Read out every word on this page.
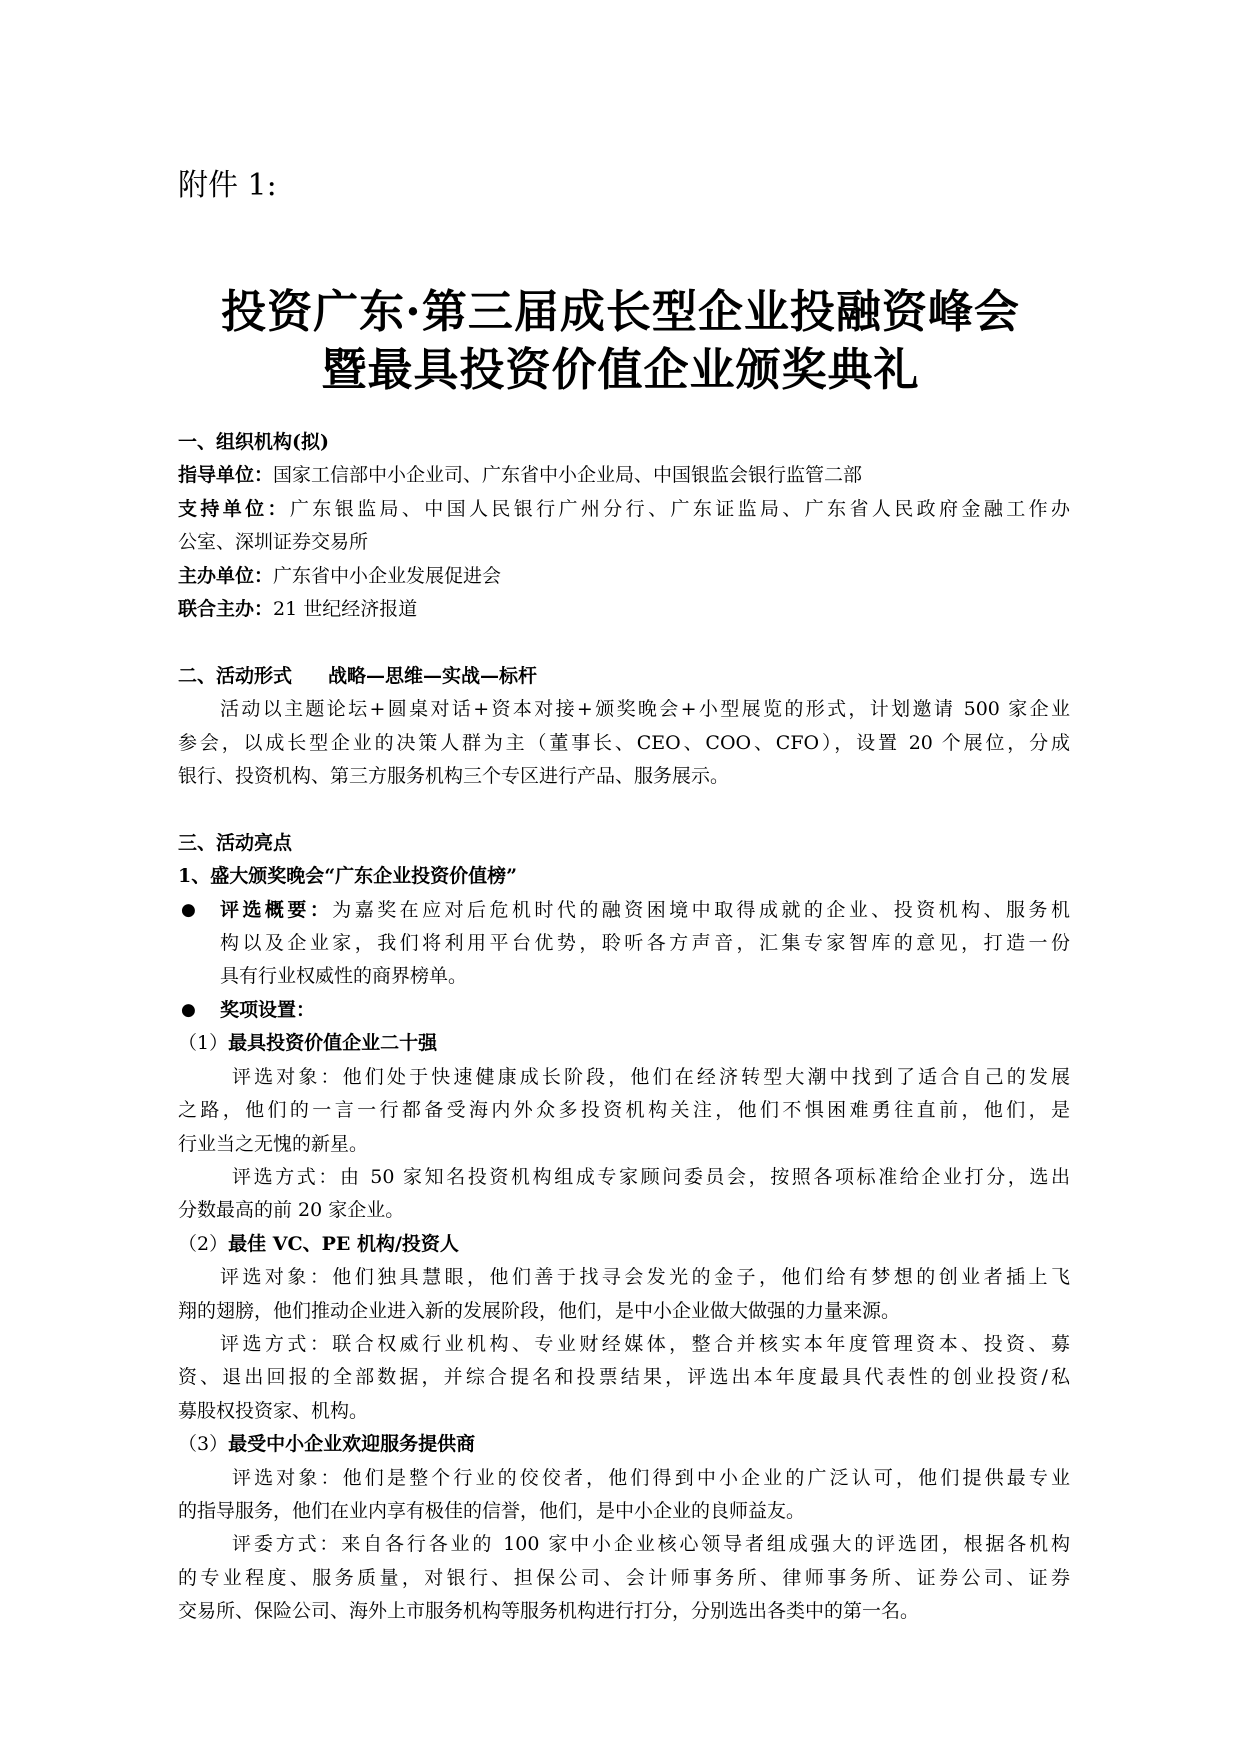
附件 1:
投资广东·第三届成长型企业投融资峰会
暨最具投资价值企业颁奖典礼
一、组织机构(拟)
指导单位：国家工信部中小企业司、广东省中小企业局、中国银监会银行监管二部
支持单位：广东银监局、中国人民银行广州分行、广东证监局、广东省人民政府金融工作办
公室、深圳证券交易所
主办单位：广东省中小企业发展促进会
联合主办：21 世纪经济报道
二、活动形式 战略—思维—实战—标杆
活动以主题论坛+圆桌对话+资本对接+颁奖晚会+小型展览的形式，计划邀请 500 家企业
参会，以成长型企业的决策人群为主（董事长、CEO、COO、CFO），设置 20 个展位，分成
银行、投资机构、第三方服务机构三个专区进行产品、服务展示。
三、活动亮点
1、盛大颁奖晚会“广东企业投资价值榜”
● 评选概要：为嘉奖在应对后危机时代的融资困境中取得成就的企业、投资机构、服务机
构以及企业家，我们将利用平台优势，聆听各方声音，汇集专家智库的意见，打造一份
具有行业权威性的商界榜单。
● 奖项设置：
（1）最具投资价值企业二十强
评选对象：他们处于快速健康成长阶段，他们在经济转型大潮中找到了适合自己的发展
之路，他们的一言一行都备受海内外众多投资机构关注，他们不惧困难勇往直前，他们，是
行业当之无愧的新星。
评选方式：由 50 家知名投资机构组成专家顾问委员会，按照各项标准给企业打分，选出
分数最高的前 20 家企业。
（2）最佳 VC、PE 机构/投资人
评选对象：他们独具慧眼，他们善于找寻会发光的金子，他们给有梦想的创业者插上飞
翔的翅膀，他们推动企业进入新的发展阶段，他们，是中小企业做大做强的力量来源。
评选方式：联合权威行业机构、专业财经媒体，整合并核实本年度管理资本、投资、募
资、退出回报的全部数据，并综合提名和投票结果，评选出本年度最具代表性的创业投资/私
募股权投资家、机构。
（3）最受中小企业欢迎服务提供商
评选对象：他们是整个行业的佼佼者，他们得到中小企业的广泛认可，他们提供最专业
的指导服务，他们在业内享有极佳的信誉，他们，是中小企业的良师益友。
评委方式：来自各行各业的 100 家中小企业核心领导者组成强大的评选团，根据各机构
的专业程度、服务质量，对银行、担保公司、会计师事务所、律师事务所、证券公司、证券
交易所、保险公司、海外上市服务机构等服务机构进行打分，分别选出各类中的第一名。
